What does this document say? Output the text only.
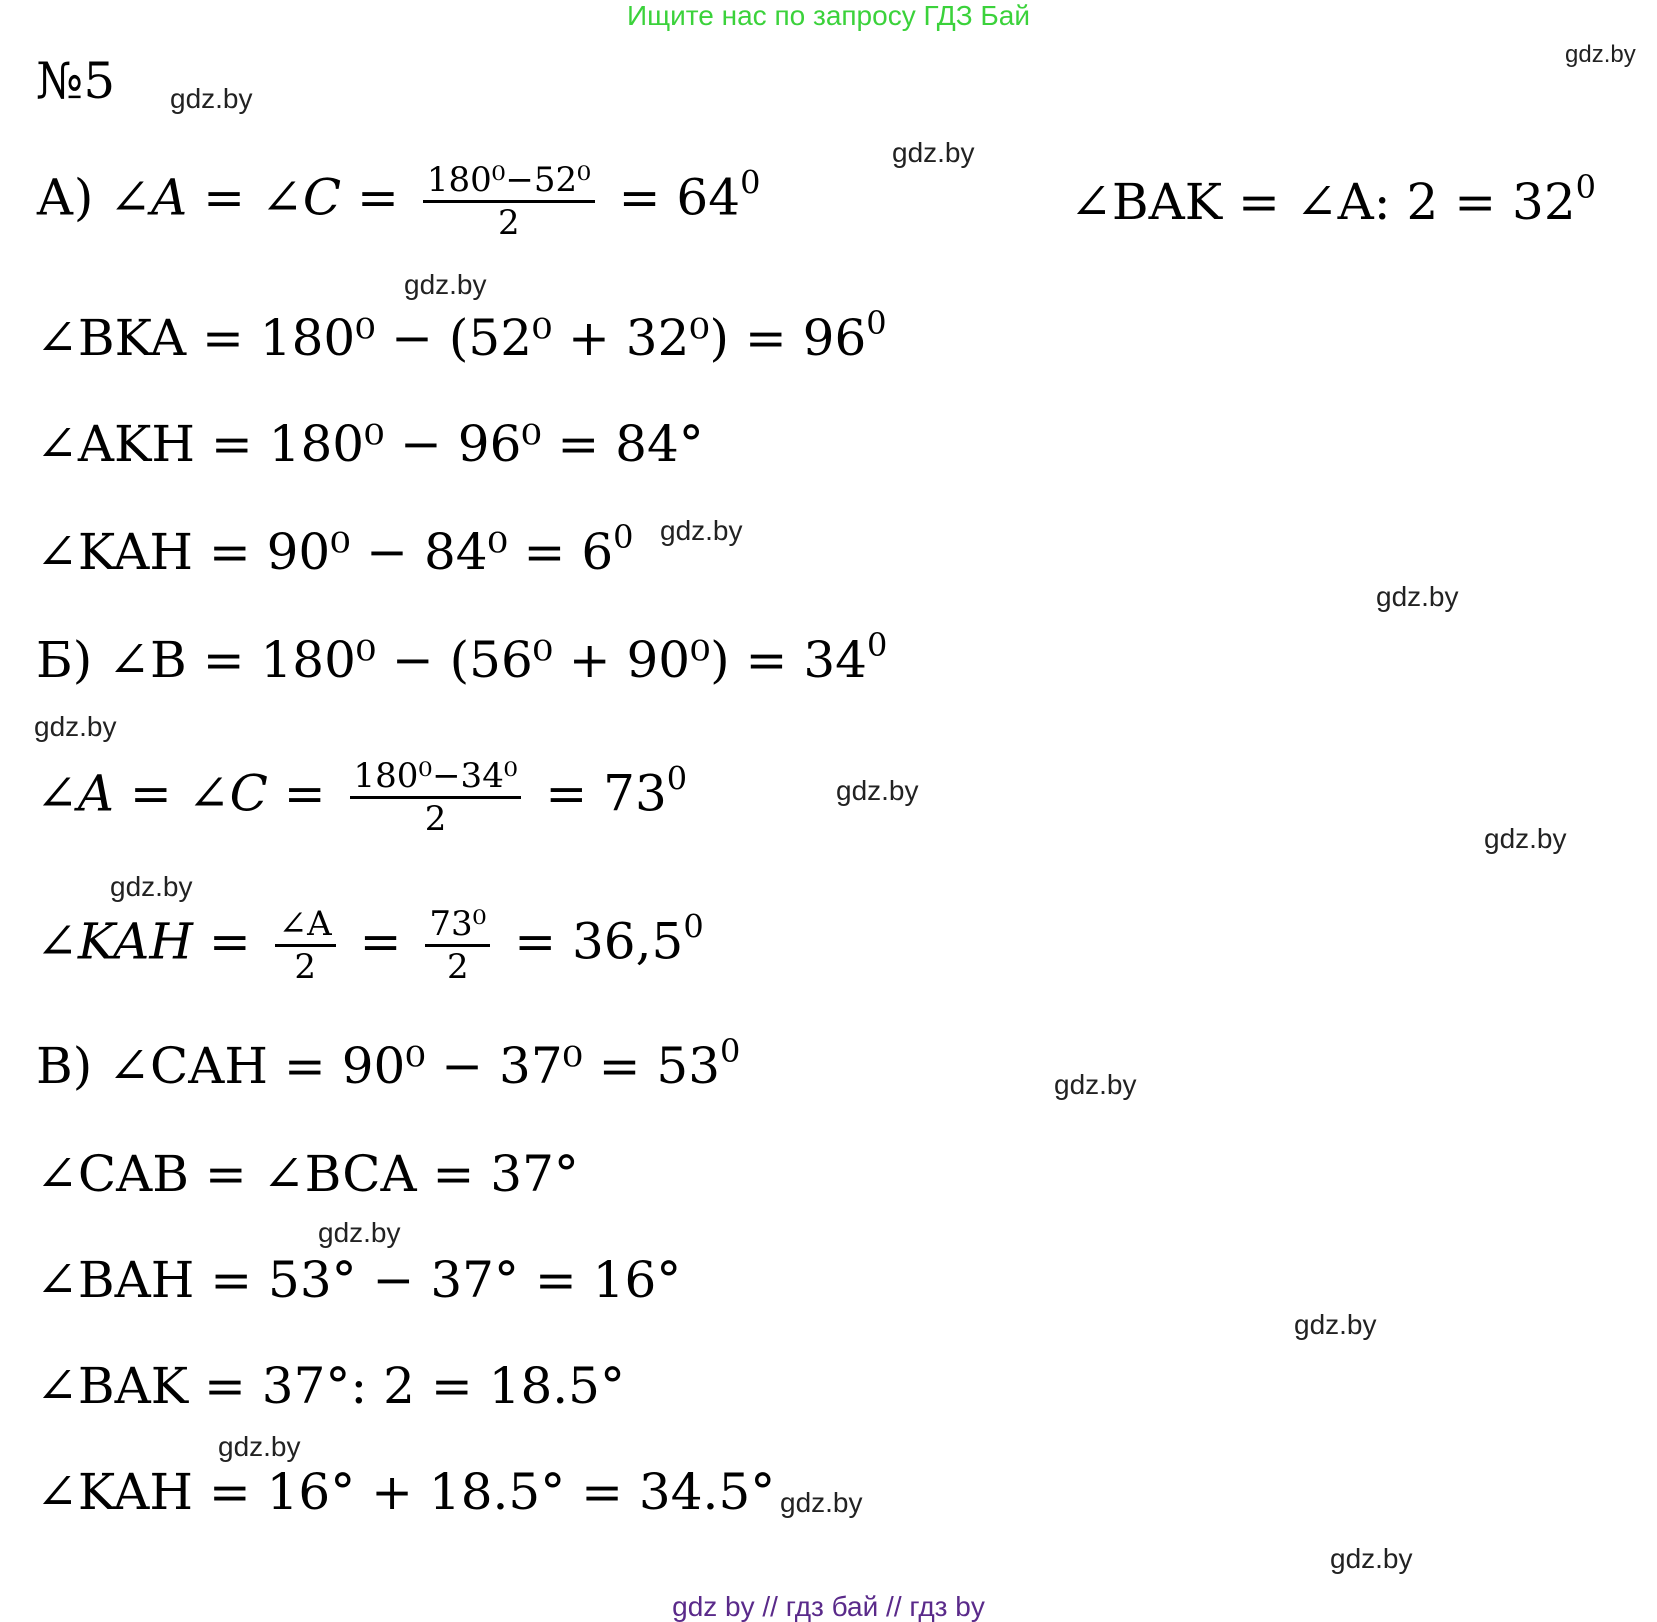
Ищите нас по запросу ГДЗ Бай
№5
А) ∠A = ∠C = $\frac{\text{180⁰−52⁰}}{2} = 64^0$	∠BAK = ∠A: $2 = 32^0$
∠BKA = $180^0 - (52^0 + 32^0) = 96^0$
∠AKH = 180⁰ − 96⁰ = 84°
∠KAH = $90^0 - 84^0 = 6^0$
Б) ∠B = $180^0 - (56^0 + 90^0) = 34^0$
∠A = ∠C = $\frac{\text{180⁰−34⁰}}{2} = 73^0$
∠KAH = $\frac{\angle A}{2} = \frac{\text{73⁰}}{2} = 36,5^0$
В) ∠CAH = $90^0 - 37^0 = 53^0$
∠CAB = ∠BCA = 37°
∠BAH = 53° − 37° = 16°
∠BAK = 37°: 2 = 18.5°
∠KAH = 16° + 18.5° = 34.5°
gdz.by
gdz.by
gdz.by
gdz.by
gdz.by
gdz.by
gdz.by
gdz.by
gdz.by
gdz.by
gdz.by
gdz.by
gdz.by
gdz.by
gdz.by
gdz.by
gdz by // гдз бай // гдз by
